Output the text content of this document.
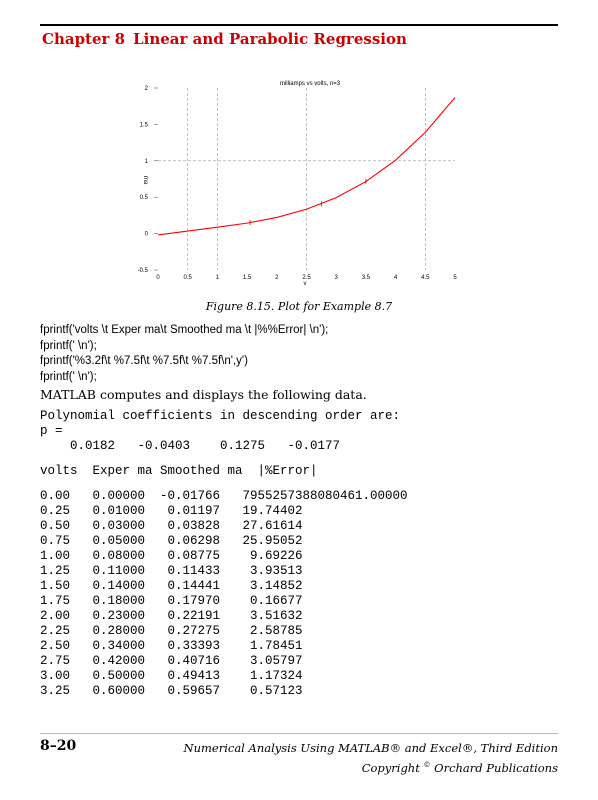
Chapter 8 Linear and Parabolic Regression
milliamps vs volts, n=3
v
ma
-0.5
0
0.5
1
1.5
2
0	0.5	1	1.5	2	2.5	3	3.5	4	4.5	5
Figure 8.15. Plot for Example 8.7
fprintf('volts \t Exper ma\t Smoothed ma \t |%%Error| \n');
fprintf(' \n');
fprintf('%3.2f\t %7.5f\t %7.5f\t %7.5f\n',y')
fprintf(' \n');
MATLAB computes and displays the following data.
Polynomial coefficients in descending order are:
p =
0.0182   -0.0403    0.1275   -0.0177
volts  Exper ma Smoothed ma  |%Error|
0.00   0.00000  -0.01766   7955257388080461.00000
0.25   0.01000   0.01197   19.74402
0.50   0.03000   0.03828   27.61614
0.75   0.05000   0.06298   25.95052
1.00   0.08000   0.08775    9.69226
1.25   0.11000   0.11433    3.93513
1.50   0.14000   0.14441    3.14852
1.75   0.18000   0.17970    0.16677
2.00   0.23000   0.22191    3.51632
2.25   0.28000   0.27275    2.58785
2.50   0.34000   0.33393    1.78451
2.75   0.42000   0.40716    3.05797
3.00   0.50000   0.49413    1.17324
3.25   0.60000   0.59657    0.57123
8–20	Numerical Analysis Using MATLAB® and Excel®, Third Edition
Copyright © Orchard Publications
